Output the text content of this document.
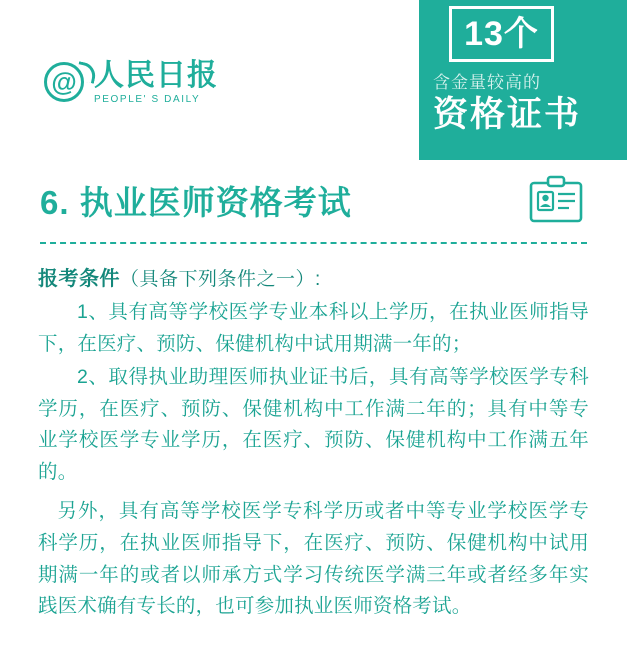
@
人民日报
PEOPLE' S DAILY
13个
含金量较高的
资格证书
6. 执业医师资格考试
报考条件（具备下列条件之一）:

1、具有高等学校医学专业本科以上学历，在执业医师指导下，在医疗、预防、保健机构中试用期满一年的；

2、取得执业助理医师执业证书后，具有高等学校医学专科学历，在医疗、预防、保健机构中工作满二年的；具有中等专业学校医学专业学历，在医疗、预防、保健机构中工作满五年的。

另外，具有高等学校医学专科学历或者中等专业学校医学专科学历，在执业医师指导下，在医疗、预防、保健机构中试用期满一年的或者以师承方式学习传统医学满三年或者经多年实践医术确有专长的，也可参加执业医师资格考试。
